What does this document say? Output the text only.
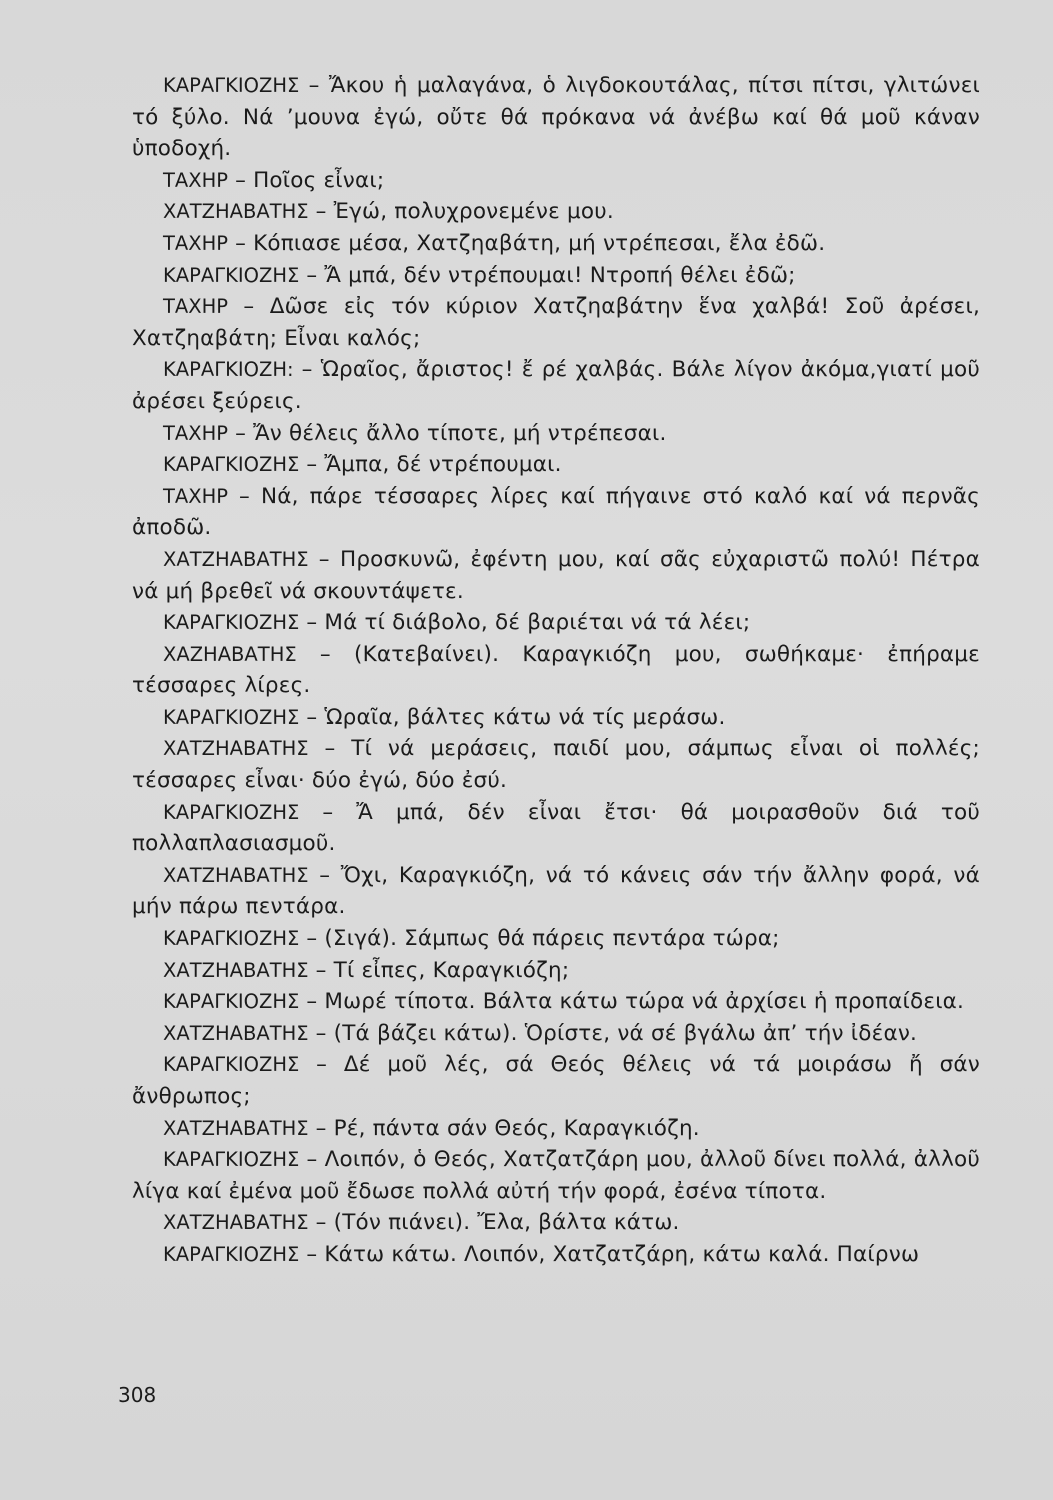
ΚΑΡΑΓΚΙΟΖΗΣ – Ἄκου ἡ μαλαγάνα, ὁ λιγδοκουτάλας, πίτσι πίτσι, γλιτώνει τό ξύλο. Νά ’μουνα ἐγώ, οὔτε θά πρόκανα νά ἀνέβω καί θά μοῦ κάναν ὑποδοχή.

ΤΑΧΗΡ – Ποῖος εἶναι;

ΧΑΤΖΗΑΒΑΤΗΣ – Ἐγώ, πολυχρονεμένε μου.

ΤΑΧΗΡ – Κόπιασε μέσα, Χατζηαβάτη, μή ντρέπεσαι, ἔλα ἐδῶ.

ΚΑΡΑΓΚΙΟΖΗΣ – Ἄ μπά, δέν ντρέπουμαι! Ντροπή θέλει ἐδῶ;

ΤΑΧΗΡ – Δῶσε εἰς τόν κύριον Χατζηαβάτην ἕνα χαλβά! Σοῦ ἀρέσει, Χατζηαβάτη; Εἶναι καλός;

ΚΑΡΑΓΚΙΟΖΗ: – Ὡραῖος, ἄριστος! ἔ ρέ χαλβάς. Βάλε λίγον ἀκόμα,γιατί μοῦ ἀρέσει ξεύρεις.

ΤΑΧΗΡ – Ἄν θέλεις ἄλλο τίποτε, μή ντρέπεσαι.

ΚΑΡΑΓΚΙΟΖΗΣ – Ἄμπα, δέ ντρέπουμαι.

ΤΑΧΗΡ – Νά, πάρε τέσσαρες λίρες καί πήγαινε στό καλό καί νά περνᾶς ἀποδῶ.

ΧΑΤΖΗΑΒΑΤΗΣ – Προσκυνῶ, ἐφέντη μου, καί σᾶς εὐχαριστῶ πολύ! Πέτρα νά μή βρεθεῖ νά σκουντάψετε.

ΚΑΡΑΓΚΙΟΖΗΣ – Μά τί διάβολο, δέ βαριέται νά τά λέει;

ΧΑΖΗΑΒΑΤΗΣ – (Κατεβαίνει). Καραγκιόζη μου, σωθήκαμε· ἐπήραμε τέσσαρες λίρες.

ΚΑΡΑΓΚΙΟΖΗΣ – Ὡραῖα, βάλτες κάτω νά τίς μεράσω.

ΧΑΤΖΗΑΒΑΤΗΣ – Τί νά μεράσεις, παιδί μου, σάμπως εἶναι οἱ πολλές; τέσσαρες εἶναι· δύο ἐγώ, δύο ἐσύ.

ΚΑΡΑΓΚΙΟΖΗΣ – Ἄ μπά, δέν εἶναι ἔτσι· θά μοιρασθοῦν διά τοῦ πολλαπλασιασμοῦ.

ΧΑΤΖΗΑΒΑΤΗΣ – Ὄχι, Καραγκιόζη, νά τό κάνεις σάν τήν ἄλλην φορά, νά μήν πάρω πεντάρα.

ΚΑΡΑΓΚΙΟΖΗΣ – (Σιγά). Σάμπως θά πάρεις πεντάρα τώρα;

ΧΑΤΖΗΑΒΑΤΗΣ – Τί εἶπες, Καραγκιόζη;

ΚΑΡΑΓΚΙΟΖΗΣ – Μωρέ τίποτα. Βάλτα κάτω τώρα νά ἀρχίσει ἡ προπαίδεια.

ΧΑΤΖΗΑΒΑΤΗΣ – (Τά βάζει κάτω). Ὁρίστε, νά σέ βγάλω ἀπ’ τήν ἰδέαν.

ΚΑΡΑΓΚΙΟΖΗΣ – Δέ μοῦ λές, σά Θεός θέλεις νά τά μοιράσω ἤ σάν ἄνθρωπος;

ΧΑΤΖΗΑΒΑΤΗΣ – Ρέ, πάντα σάν Θεός, Καραγκιόζη.

ΚΑΡΑΓΚΙΟΖΗΣ – Λοιπόν, ὁ Θεός, Χατζατζάρη μου, ἀλλοῦ δίνει πολλά, ἀλλοῦ λίγα καί ἐμένα μοῦ ἔδωσε πολλά αὐτή τήν φορά, ἐσένα τίποτα.

ΧΑΤΖΗΑΒΑΤΗΣ – (Τόν πιάνει). Ἔλα, βάλτα κάτω.

ΚΑΡΑΓΚΙΟΖΗΣ – Κάτω κάτω. Λοιπόν, Χατζατζάρη, κάτω καλά. Παίρνω

308
